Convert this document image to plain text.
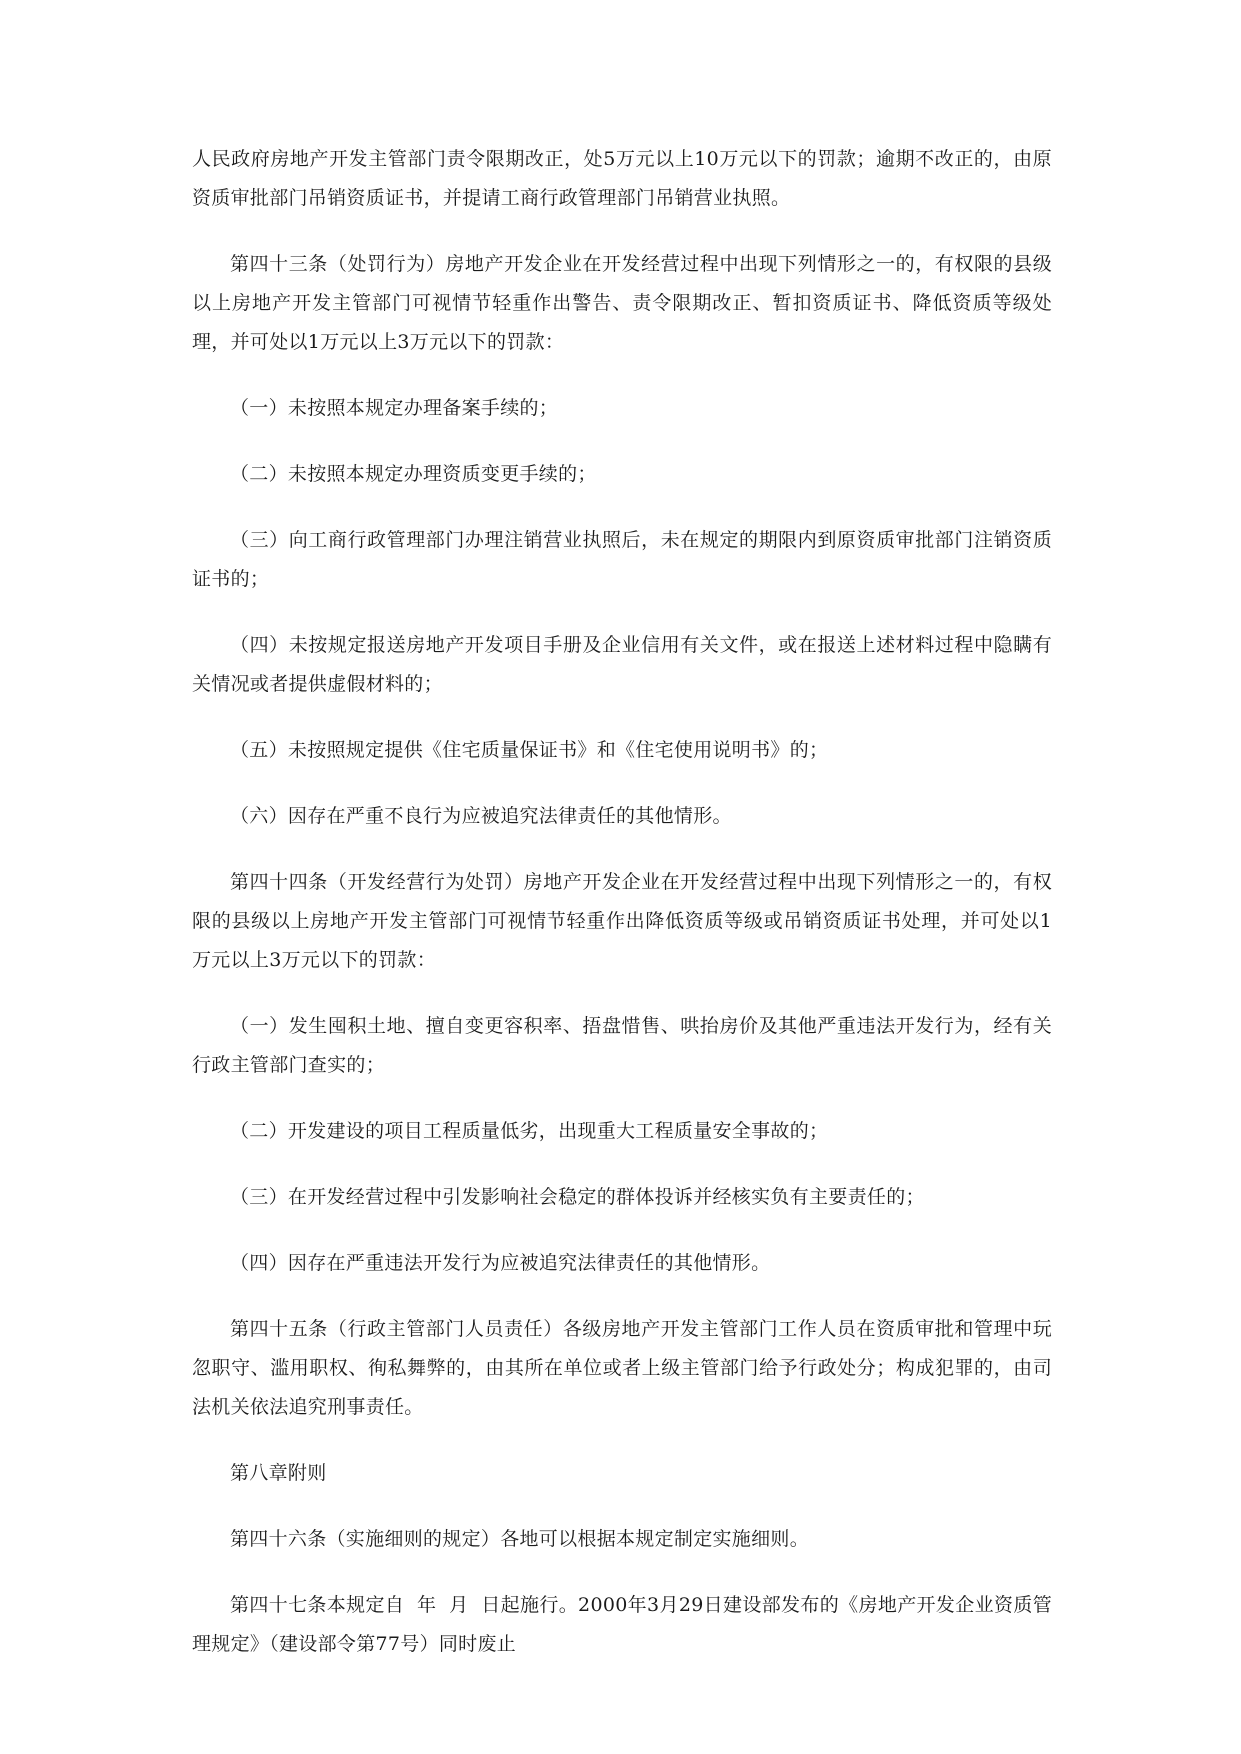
人民政府房地产开发主管部门责令限期改正，处5万元以上10万元以下的罚款；逾期不改正的，由原资质审批部门吊销资质证书，并提请工商行政管理部门吊销营业执照。

第四十三条（处罚行为）房地产开发企业在开发经营过程中出现下列情形之一的，有权限的县级以上房地产开发主管部门可视情节轻重作出警告、责令限期改正、暂扣资质证书、降低资质等级处理，并可处以1万元以上3万元以下的罚款：

（一）未按照本规定办理备案手续的；

（二）未按照本规定办理资质变更手续的；

（三）向工商行政管理部门办理注销营业执照后，未在规定的期限内到原资质审批部门注销资质证书的；

（四）未按规定报送房地产开发项目手册及企业信用有关文件，或在报送上述材料过程中隐瞒有关情况或者提供虚假材料的；

（五）未按照规定提供《住宅质量保证书》和《住宅使用说明书》的；

（六）因存在严重不良行为应被追究法律责任的其他情形。

第四十四条（开发经营行为处罚）房地产开发企业在开发经营过程中出现下列情形之一的，有权限的县级以上房地产开发主管部门可视情节轻重作出降低资质等级或吊销资质证书处理，并可处以1万元以上3万元以下的罚款：

（一）发生囤积土地、擅自变更容积率、捂盘惜售、哄抬房价及其他严重违法开发行为，经有关行政主管部门查实的；

（二）开发建设的项目工程质量低劣，出现重大工程质量安全事故的；

（三）在开发经营过程中引发影响社会稳定的群体投诉并经核实负有主要责任的；

（四）因存在严重违法开发行为应被追究法律责任的其他情形。

第四十五条（行政主管部门人员责任）各级房地产开发主管部门工作人员在资质审批和管理中玩忽职守、滥用职权、徇私舞弊的，由其所在单位或者上级主管部门给予行政处分；构成犯罪的，由司法机关依法追究刑事责任。

第八章附则

第四十六条（实施细则的规定）各地可以根据本规定制定实施细则。

第四十七条本规定自  年  月  日起施行。2000年3月29日建设部发布的《房地产开发企业资质管理规定》（建设部令第77号）同时废止
